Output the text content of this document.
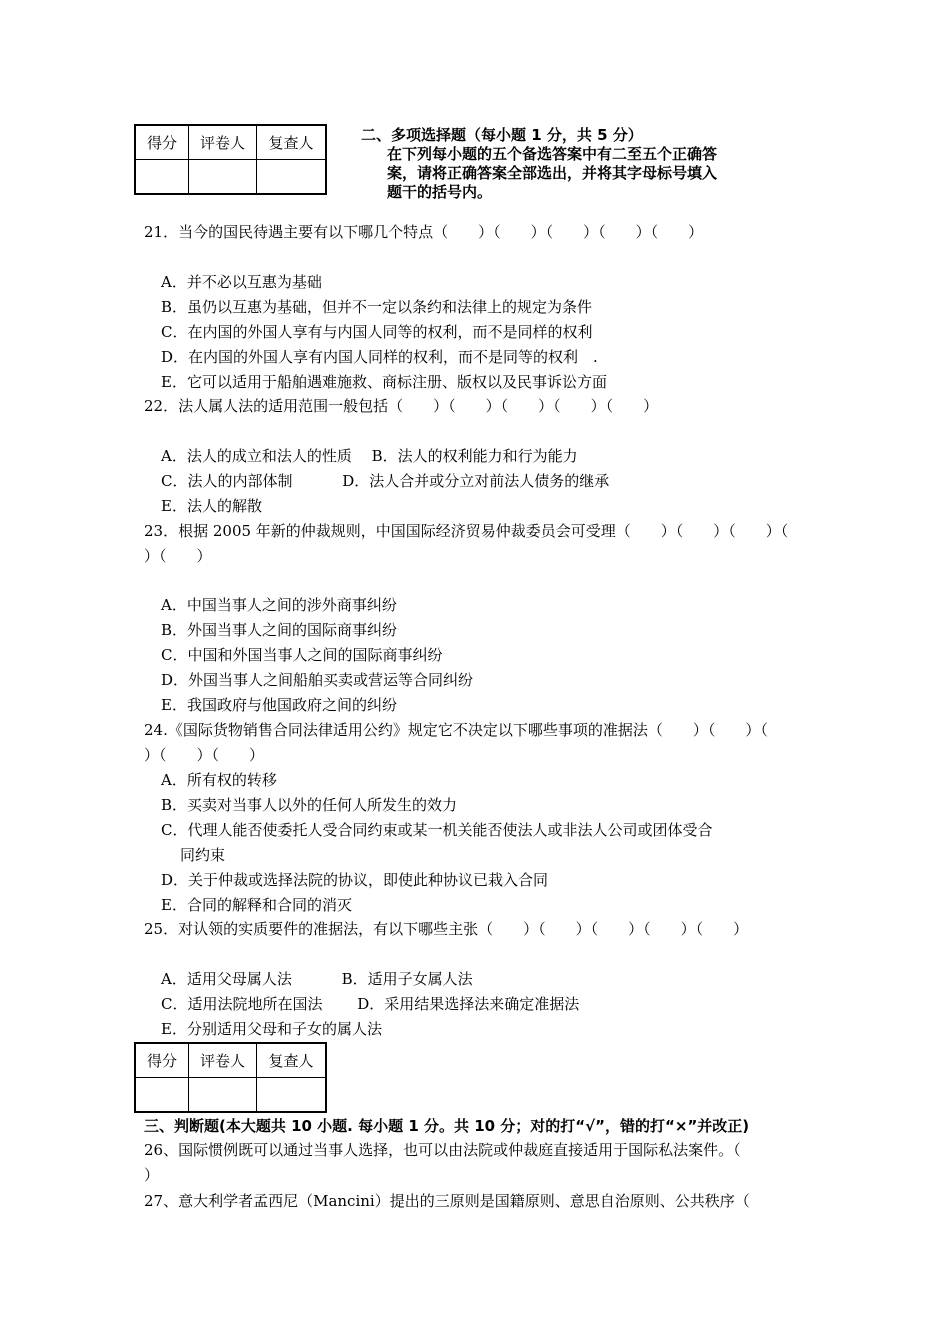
得分	评卷人	复查人
			二、多项选择题（每小题 1 分，共 5 分）
在下列每小题的五个备选答案中有二至五个正确答
案，请将正确答案全部选出，并将其字母标号填入
题干的括号内。
21．当今的国民待遇主要有以下哪几个特点（　　）（　　）（　　）（　　）（　　）
A．并不必以互惠为基础
B．虽仍以互惠为基础，但并不一定以条约和法律上的规定为条件
C．在内国的外国人享有与内国人同等的权利，而不是同样的权利
D．在内国的外国人享有内国人同样的权利，而不是同等的权利　.
E．它可以适用于船舶遇难施救、商标注册、版权以及民事诉讼方面
22．法人属人法的适用范围一般包括（　　）（　　）（　　）（　　）（　　）
A．法人的成立和法人的性质　 B．法人的权利能力和行为能力
C．法人的内部体制　　　 D．法人合并或分立对前法人债务的继承
E．法人的解散
23．根据 2005 年新的仲裁规则，中国国际经济贸易仲裁委员会可受理（　　）（　　）（　　）（
）（　　）
A．中国当事人之间的涉外商事纠纷
B．外国当事人之间的国际商事纠纷
C．中国和外国当事人之间的国际商事纠纷
D．外国当事人之间船舶买卖或营运等合同纠纷
E．我国政府与他国政府之间的纠纷
24.《国际货物销售合同法律适用公约》规定它不决定以下哪些事项的准据法（　　）（　　）（
）（　　）（　　）
A．所有权的转移
B．买卖对当事人以外的任何人所发生的效力
C．代理人能否使委托人受合同约束或某一机关能否使法人或非法人公司或团体受合
同约束
D．关于仲裁或选择法院的协议，即使此种协议已栽入合同
E．合同的解释和合同的消灭
25．对认领的实质要件的准据法，有以下哪些主张（　　）（　　）（　　）（　　）（　　）
A．适用父母属人法　　　 B．适用子女属人法
C．适用法院地所在国法　　 D．采用结果选择法来确定准据法
E．分别适用父母和子女的属人法
得分	评卷人	复查人

三、判断题(本大题共 10 小题. 每小题 1 分。共 10 分；对的打“√”，错的打“×”并改正)
26、国际惯例既可以通过当事人选择，也可以由法院或仲裁庭直接适用于国际私法案件。（
）
27、意大利学者孟西尼（Mancini）提出的三原则是国籍原则、意思自治原则、公共秩序（
